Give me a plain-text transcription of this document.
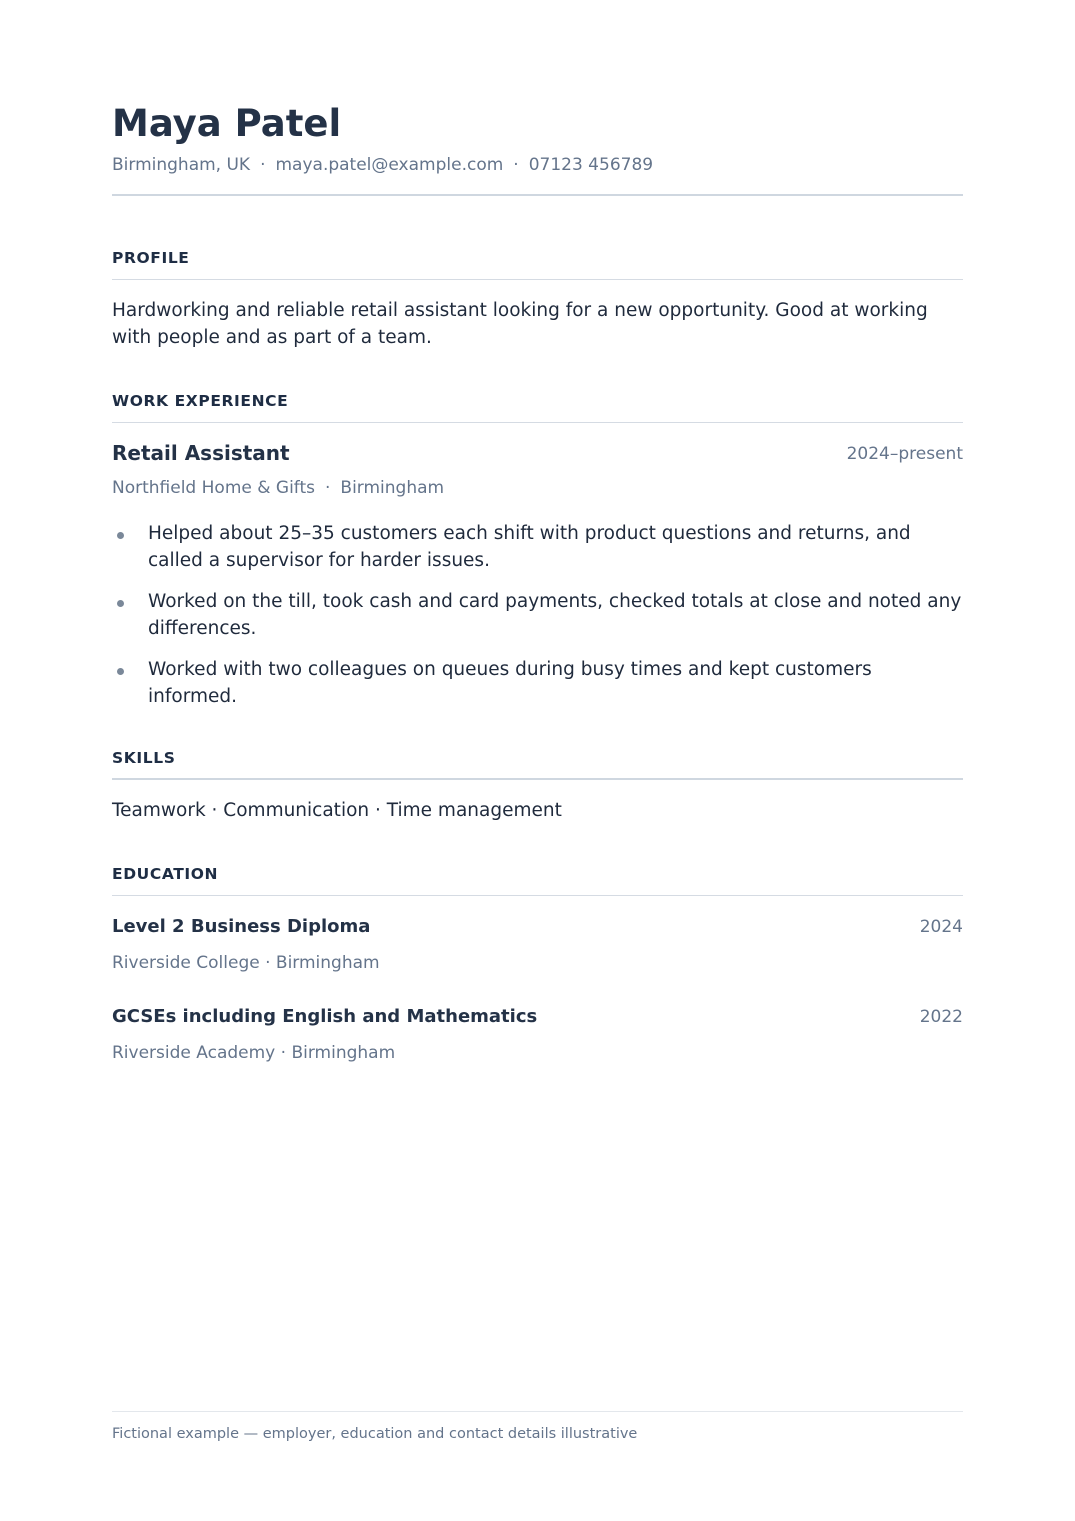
Maya Patel
Birmingham, UK · maya.patel@example.com · 07123 456789
PROFILE
Hardworking and reliable retail assistant looking for a new opportunity. Good at working with people and as part of a team.
WORK EXPERIENCE
Retail Assistant	2024–present
Northfield Home & Gifts · Birmingham
Helped about 25–35 customers each shift with product questions and returns, and called a supervisor for harder issues.
Worked on the till, took cash and card payments, checked totals at close and noted any differences.
Worked with two colleagues on queues during busy times and kept customers informed.
SKILLS
Teamwork · Communication · Time management
EDUCATION
Level 2 Business Diploma	2024
Riverside College · Birmingham
GCSEs including English and Mathematics	2022
Riverside Academy · Birmingham
Fictional example — employer, education and contact details illustrative
